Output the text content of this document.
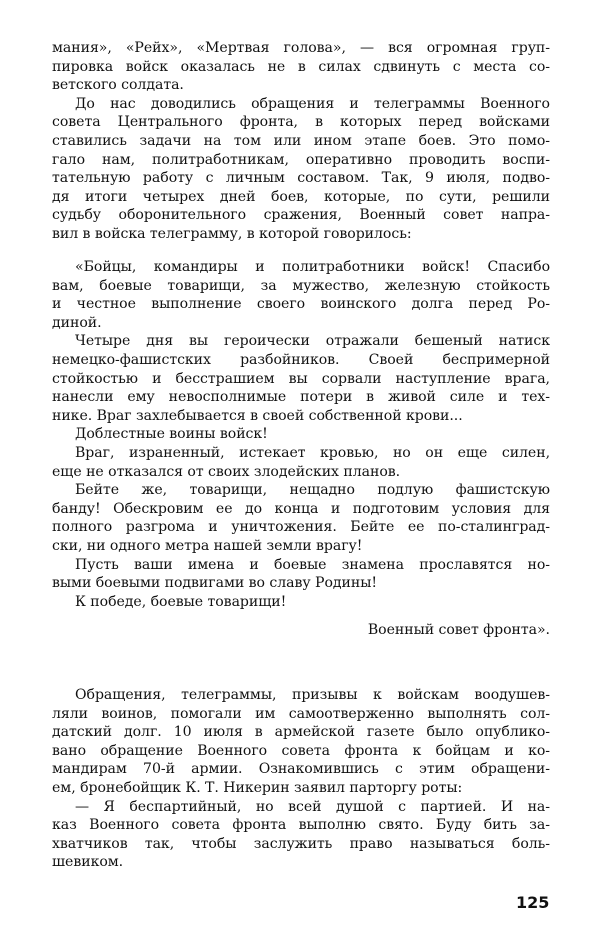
мания», «Рейх», «Мертвая голова», — вся огромная груп-

пировка войск оказалась не в силах сдвинуть с места со-

ветского солдата.

До нас доводились обращения и телеграммы Военного

совета Центрального фронта, в которых перед войсками

ставились задачи на том или ином этапе боев. Это помо-

гало нам, политработникам, оперативно проводить воспи-

тательную работу с личным составом. Так, 9 июля, подво-

дя итоги четырех дней боев, которые, по сути, решили

судьбу оборонительного сражения, Военный совет напра-

вил в войска телеграмму, в которой говорилось:

«Бойцы, командиры и политработники войск! Спасибо

вам, боевые товарищи, за мужество, железную стойкость

и честное выполнение своего воинского долга перед Ро-

диной.

Четыре дня вы героически отражали бешеный натиск

немецко-фашистских разбойников. Своей беспримерной

стойкостью и бесстрашием вы сорвали наступление врага,

нанесли ему невосполнимые потери в живой силе и тех-

нике. Враг захлебывается в своей собственной крови...

Доблестные воины войск!

Враг, израненный, истекает кровью, но он еще силен,

еще не отказался от своих злодейских планов.

Бейте же, товарищи, нещадно подлую фашистскую

банду! Обескровим ее до конца и подготовим условия для

полного разгрома и уничтожения. Бейте ее по-сталинград-

ски, ни одного метра нашей земли врагу!

Пусть ваши имена и боевые знамена прославятся но-

выми боевыми подвигами во славу Родины!

К победе, боевые товарищи!

Военный совет фронта».

Обращения, телеграммы, призывы к войскам воодушев-

ляли воинов, помогали им самоотверженно выполнять сол-

датский долг. 10 июля в армейской газете было опублико-

вано обращение Военного совета фронта к бойцам и ко-

мандирам 70-й армии. Ознакомившись с этим обращени-

ем, бронебойщик К. Т. Никерин заявил парторгу роты:

— Я беспартийный, но всей душой с партией. И на-

каз Военного совета фронта выполню свято. Буду бить за-

хватчиков так, чтобы заслужить право называться боль-

шевиком.

125
